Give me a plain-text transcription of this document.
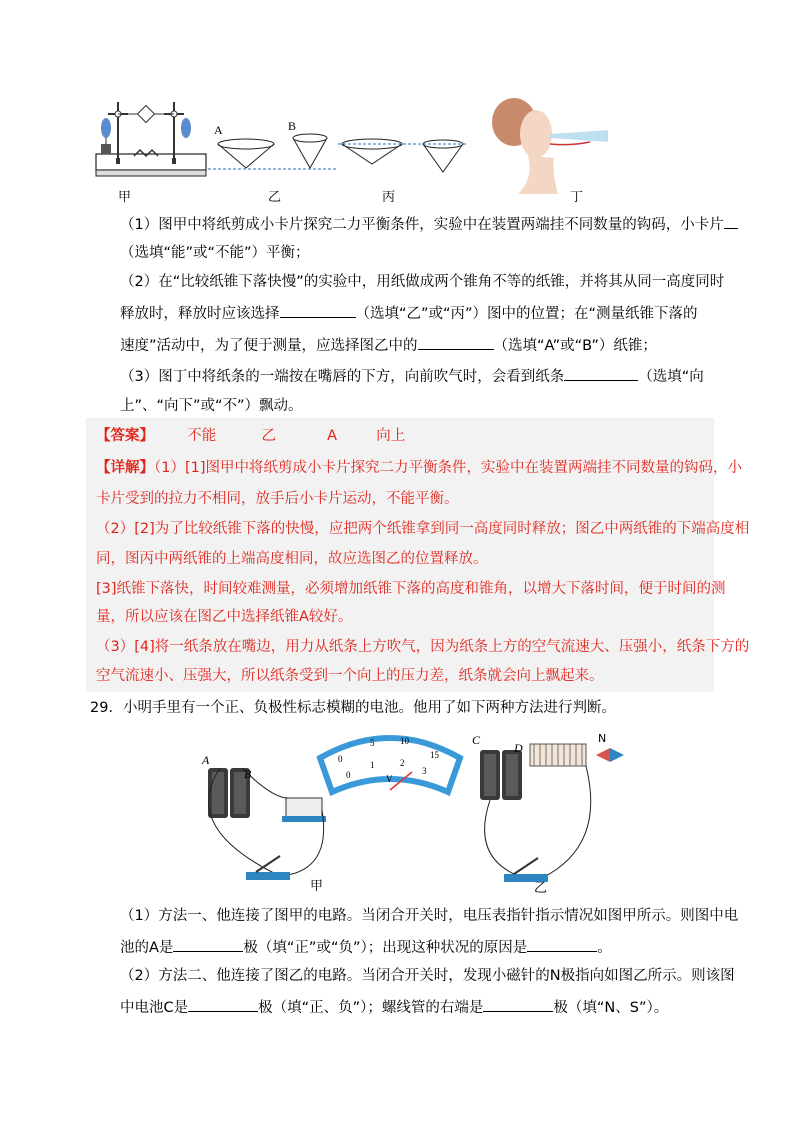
A	B
甲	乙	丙	丁
（1）图甲中将纸剪成小卡片探究二力平衡条件，实验中在装置两端挂不同数量的钩码，小卡片
（选填“能”或“不能”）平衡；
（2）在“比较纸锥下落快慢”的实验中，用纸做成两个锥角不等的纸锥，并将其从同一高度同时
释放时，释放时应该选择	（选填“乙”或“丙”）图中的位置；在“测量纸锥下落的
速度”活动中，为了便于测量，应选择图乙中的	（选填“A”或“B”）纸锥；
（3）图丁中将纸条的一端按在嘴唇的下方，向前吹气时，会看到纸条	（选填“向
上”、“向下”或“不”）飘动。
【答案】 不能	乙	A	向上
【详解】（1）[1]图甲中将纸剪成小卡片探究二力平衡条件，实验中在装置两端挂不同数量的钩码，小
卡片受到的拉力不相同，放手后小卡片运动，不能平衡。
（2）[2]为了比较纸锥下落的快慢，应把两个纸锥拿到同一高度同时释放；图乙中两纸锥的下端高度相
同，图丙中两纸锥的上端高度相同，故应选图乙的位置释放。
[3]纸锥下落快，时间较难测量，必须增加纸锥下落的高度和锥角，以增大下落时间，便于时间的测
量，所以应该在图乙中选择纸锥A较好。
（3）[4]将一纸条放在嘴边，用力从纸条上方吹气，因为纸条上方的空气流速大、压强小，纸条下方的
空气流速小、压强大，所以纸条受到一个向上的压力差，纸条就会向上飘起来。
29．小明手里有一个正、负极性标志模糊的电池。他用了如下两种方法进行判断。
A
B
0
5	10
15
0
1	2
3
V
甲
C
D
N
乙
（1）方法一、他连接了图甲的电路。当闭合开关时，电压表指针指示情况如图甲所示。则图中电
池的A是	极（填“正”或“负”）；出现这种状况的原因是	。
（2）方法二、他连接了图乙的电路。当闭合开关时，发现小磁针的N极指向如图乙所示。则该图
中电池C是	极（填“正、负”）；螺线管的右端是	极（填“N、S”）。
